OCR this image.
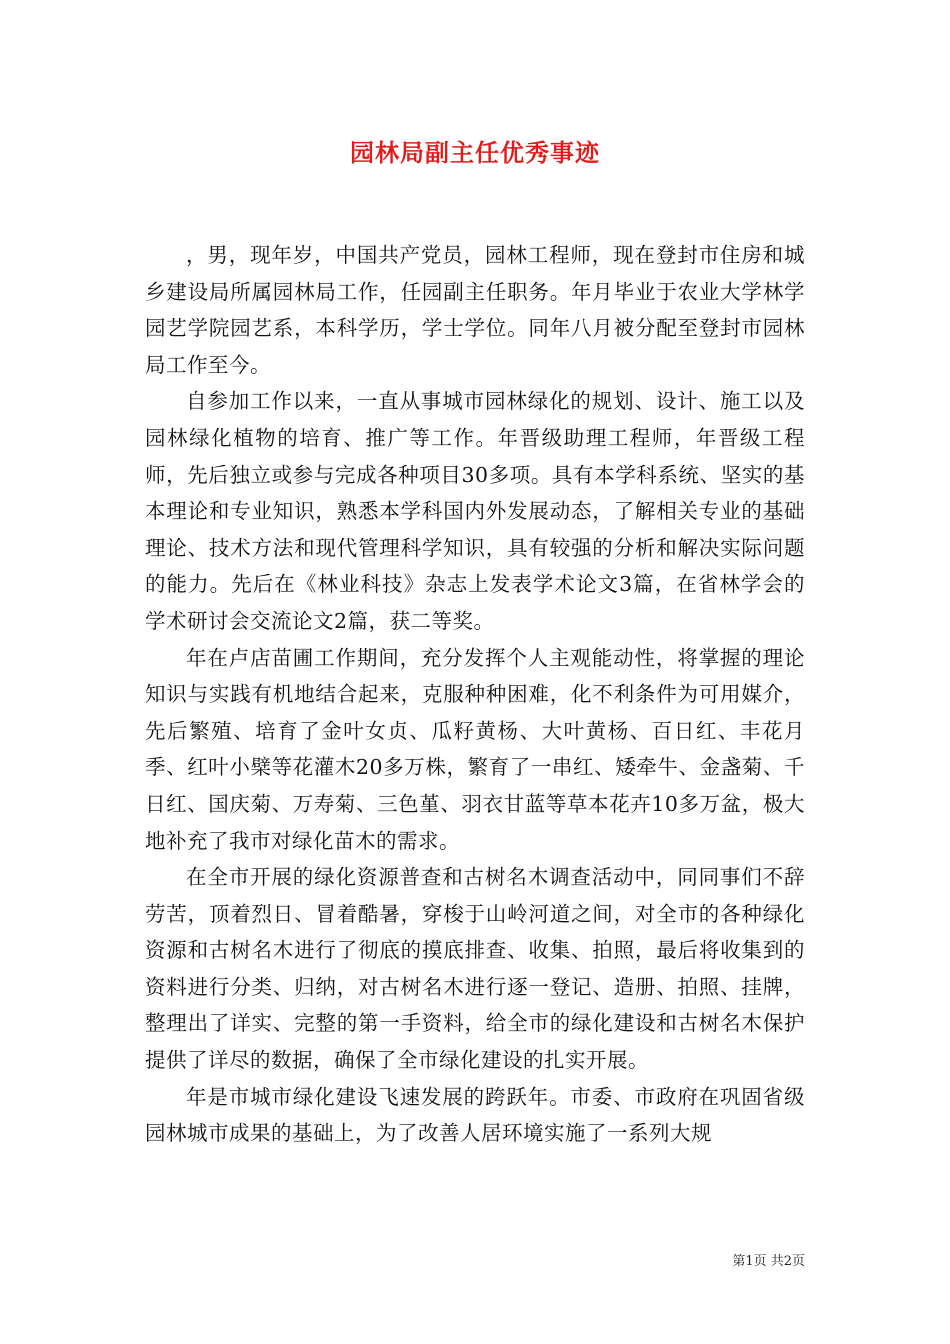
园林局副主任优秀事迹

，男，现年岁，中国共产党员，园林工程师，现在登封市住房和城乡建设局所属园林局工作，任园副主任职务。年月毕业于农业大学林学园艺学院园艺系，本科学历，学士学位。同年八月被分配至登封市园林局工作至今。

自参加工作以来，一直从事城市园林绿化的规划、设计、施工以及园林绿化植物的培育、推广等工作。年晋级助理工程师，年晋级工程师，先后独立或参与完成各种项目30多项。具有本学科系统、坚实的基本理论和专业知识，熟悉本学科国内外发展动态，了解相关专业的基础理论、技术方法和现代管理科学知识，具有较强的分析和解决实际问题的能力。先后在《林业科技》杂志上发表学术论文3篇，在省林学会的学术研讨会交流论文2篇，获二等奖。

年在卢店苗圃工作期间，充分发挥个人主观能动性，将掌握的理论知识与实践有机地结合起来，克服种种困难，化不利条件为可用媒介，先后繁殖、培育了金叶女贞、瓜籽黄杨、大叶黄杨、百日红、丰花月季、红叶小檗等花灌木20多万株，繁育了一串红、矮牵牛、金盏菊、千日红、国庆菊、万寿菊、三色堇、羽衣甘蓝等草本花卉10多万盆，极大地补充了我市对绿化苗木的需求。

在全市开展的绿化资源普查和古树名木调查活动中，同同事们不辞劳苦，顶着烈日、冒着酷暑，穿梭于山岭河道之间，对全市的各种绿化资源和古树名木进行了彻底的摸底排查、收集、拍照，最后将收集到的资料进行分类、归纳，对古树名木进行逐一登记、造册、拍照、挂牌，整理出了详实、完整的第一手资料，给全市的绿化建设和古树名木保护提供了详尽的数据，确保了全市绿化建设的扎实开展。

年是市城市绿化建设飞速发展的跨跃年。市委、市政府在巩固省级园林城市成果的基础上，为了改善人居环境实施了一系列大规

第1页 共2页
